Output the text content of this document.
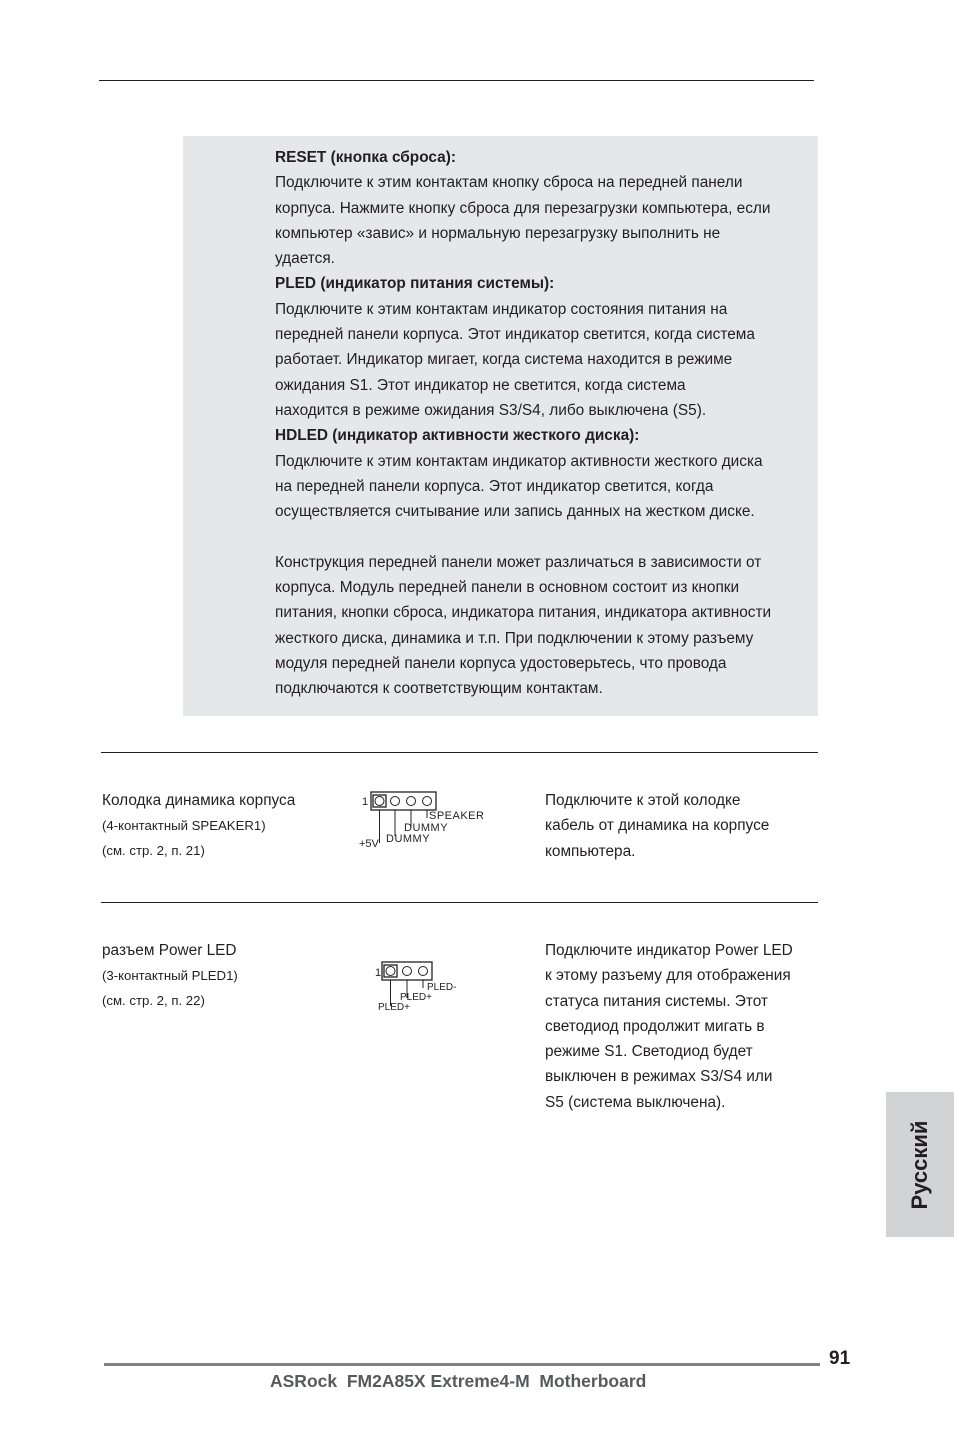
RESET (кнопка сброса):

Подключите к этим контактам кнопку сброса на передней панели

корпуса. Нажмите кнопку сброса для перезагрузки компьютера, если

компьютер «завис» и нормальную перезагрузку выполнить не

удается.

PLED (индикатор питания системы):

Подключите к этим контактам индикатор состояния питания на

передней панели корпуса. Этот индикатор светится, когда система

работает. Индикатор мигает, когда система находится в режиме

ожидания S1. Этот индикатор не светится, когда система

находится в режиме ожидания S3/S4, либо выключена (S5).

HDLED (индикатор активности жесткого диска):

Подключите к этим контактам индикатор активности жесткого диска

на передней панели корпуса. Этот индикатор светится, когда

осуществляется считывание или запись данных на жестком диске.

Конструкция передней панели может различаться в зависимости от

корпуса. Модуль передней панели в основном состоит из кнопки

питания, кнопки сброса, индикатора питания, индикатора активности

жесткого диска, динамика и т.п. При подключении к этому разъему

модуля передней панели корпуса удостоверьтесь, что провода

подключаются к соответствующим контактам.

Колодка динамика корпуса
(4-контактный SPEAKER1)
(см. стр. 2, п. 21)
1
SPEAKER
DUMMY
+5V DUMMY

Подключите к этой колодке

кабель от динамика на корпусе

компьютера.

разъем Power LED
(3-контактный PLED1)
(см. стр. 2, п. 22)
1
PLED-
PLED+
PLED+

Подключите индикатор Power LED

к этому разъему для отображения

статуса питания системы. Этот

светодиод продолжит мигать в

режиме S1. Светодиод будет

выключен в режимах S3/S4 или

S5 (система выключена).

Русский
91
ASRock  FM2A85X Extreme4-M  Motherboard
